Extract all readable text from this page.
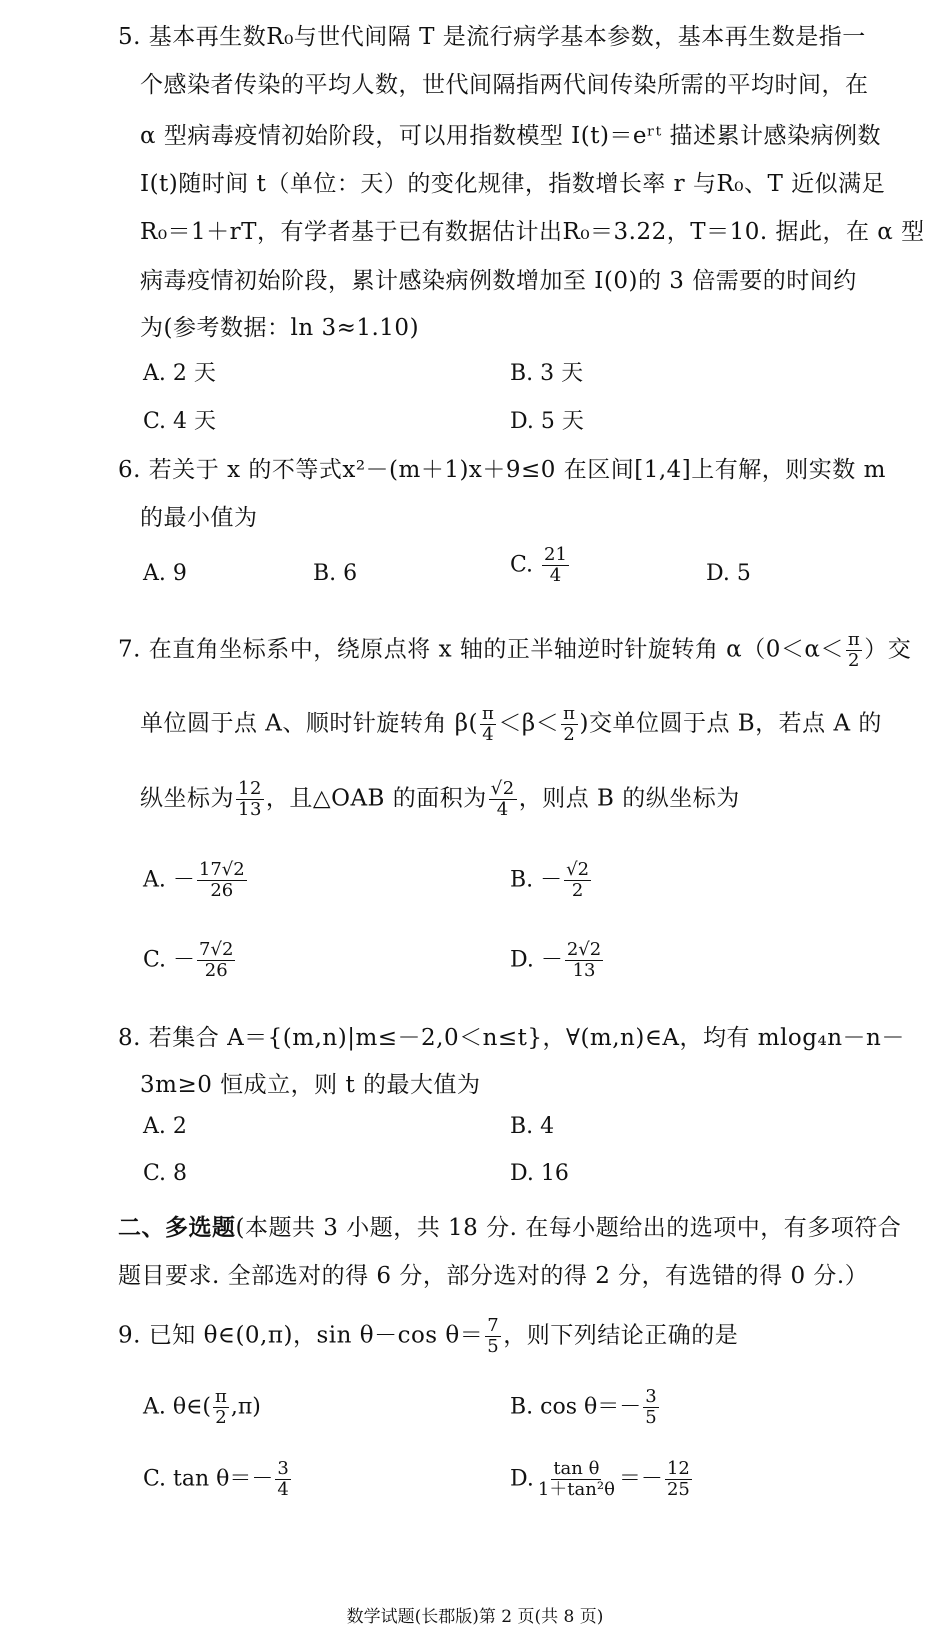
5. 基本再生数R₀与世代间隔 T 是流行病学基本参数，基本再生数是指一
个感染者传染的平均人数，世代间隔指两代间传染所需的平均时间，在
α 型病毒疫情初始阶段，可以用指数模型 I(t)＝eʳᵗ 描述累计感染病例数
I(t)随时间 t（单位：天）的变化规律，指数增长率 r 与R₀、T 近似满足
R₀＝1＋rT，有学者基于已有数据估计出R₀＝3.22，T＝10. 据此，在 α 型
病毒疫情初始阶段，累计感染病例数增加至 I(0)的 3 倍需要的时间约
为(参考数据：ln 3≈1.10)
A. 2 天	B. 3 天
C. 4 天	D. 5 天
6. 若关于 x 的不等式x²－(m＋1)x＋9≤0 在区间[1,4]上有解，则实数 m
的最小值为
A. 9	B. 6	C. $\frac{21}{4}$	D. 5
7. 在直角坐标系中，绕原点将 x 轴的正半轴逆时针旋转角 $\alpha(0<\alpha< \frac{\pi}{2}$ ）交
单位圆于点 A、顺时针旋转角 $\beta( \frac{\pi}{4} <\beta< \frac{\pi}{2}$ )交单位圆于点 B，若点 A 的
纵坐标为 $\frac{12}{13}$ ，且△OAB 的面积为 $\frac{√2}{4}$ ，则点 B 的纵坐标为
A. － $\frac{17√2}{26}$	B. － $\frac{√2}{2}$
C. － $\frac{7√2}{26}$	D. － $\frac{2√2}{13}$
8. 若集合 A＝{(m,n)|m≤－2,0＜n≤t}，∀(m,n)∈A，均有 mlog₄n－n－
3m≥0 恒成立，则 t 的最大值为
A. 2	B. 4
C. 8	D. 16
二、多选题(本题共 3 小题，共 18 分. 在每小题给出的选项中，有多项符合
题目要求. 全部选对的得 6 分，部分选对的得 2 分，有选错的得 0 分.）
9. 已知 θ∈(0,π)，sin θ－cos $\theta= \frac{7}{5}$ ，则下列结论正确的是
A. θ∈( $\frac{\pi}{2} ,\pi$)	B. $\cos \theta=- \frac{3}{5}$
C. $\tan \theta=- \frac{3}{4}$	D. $\frac{\text{tan θ}}{\text{1＋tan²θ}} =- \frac{12}{25}$
数学试题(长郡版)第 2 页(共 8 页)
